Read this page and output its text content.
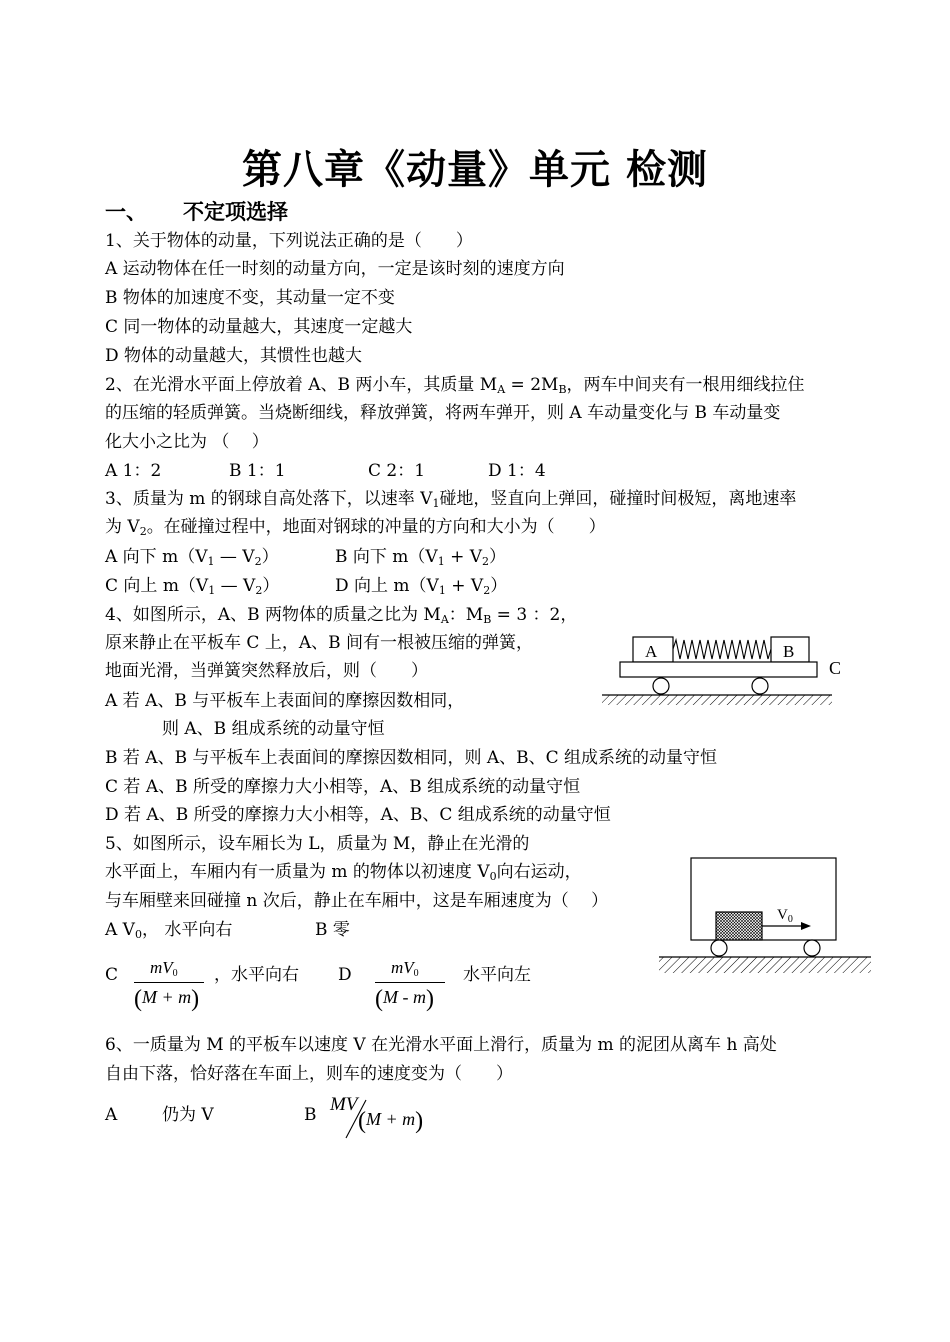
第八章《动量》单元 检测
一、 不定项选择
1、关于物体的动量，下列说法正确的是（　　）
A 运动物体在任一时刻的动量方向，一定是该时刻的速度方向
B 物体的加速度不变，其动量一定不变
C 同一物体的动量越大，其速度一定越大
D 物体的动量越大，其惯性也越大
2、在光滑水平面上停放着 A、B 两小车，其质量 $M_A = 2M_B$，两车中间夹有一根用细线拉住
的压缩的轻质弹簧。当烧断细线，释放弹簧，将两车弹开，则 A 车动量变化与 B 车动量变
化大小之比为 （　 ）
A 1：2	B 1：1	C 2：1	D 1：4
3、质量为 m 的钢球自高处落下，以速率 $V_1$碰地，竖直向上弹回，碰撞时间极短，离地速率
为 $V_2$。在碰撞过程中，地面对钢球的冲量的方向和大小为（　　）
A 向下 $m(V_1$ — $V_2$）	B 向下 $m(V_1 + V_2)$
C 向上 $m(V_1$ — $V_2$）	D 向上 $m(V_1 + V_2)$
4、如图所示，A、B 两物体的质量之比为 $M_A$：$M_B = 3$ ：2，
原来静止在平板车 C 上，A、B 间有一根被压缩的弹簧，
地面光滑，当弹簧突然释放后，则（　　）
A 若 A、B 与平板车上表面间的摩擦因数相同，
则 A、B 组成系统的动量守恒
B 若 A、B 与平板车上表面间的摩擦因数相同，则 A、B、C 组成系统的动量守恒
C 若 A、B 所受的摩擦力大小相等，A、B 组成系统的动量守恒
D 若 A、B 所受的摩擦力大小相等，A、B、C 组成系统的动量守恒
A	B
C
5、如图所示，设车厢长为 L，质量为 M，静止在光滑的
水平面上，车厢内有一质量为 m 的物体以初速度 $V_0$向右运动，
与车厢壁来回碰撞 n 次后，静止在车厢中，这是车厢速度为（　 ）
A $V_0$， 水平向右	B 零
C $mV_0$
(M + m)
，水平向右 D $mV_0$
(M - m)
水平向左
$V_0$
6、一质量为 M 的平板车以速度 V 在光滑水平面上滑行，质量为 m 的泥团从离车 h 高处
自由下落，恰好落在车面上，则车的速度变为（　　）
A	仍为 V	B MV
(M + m)
